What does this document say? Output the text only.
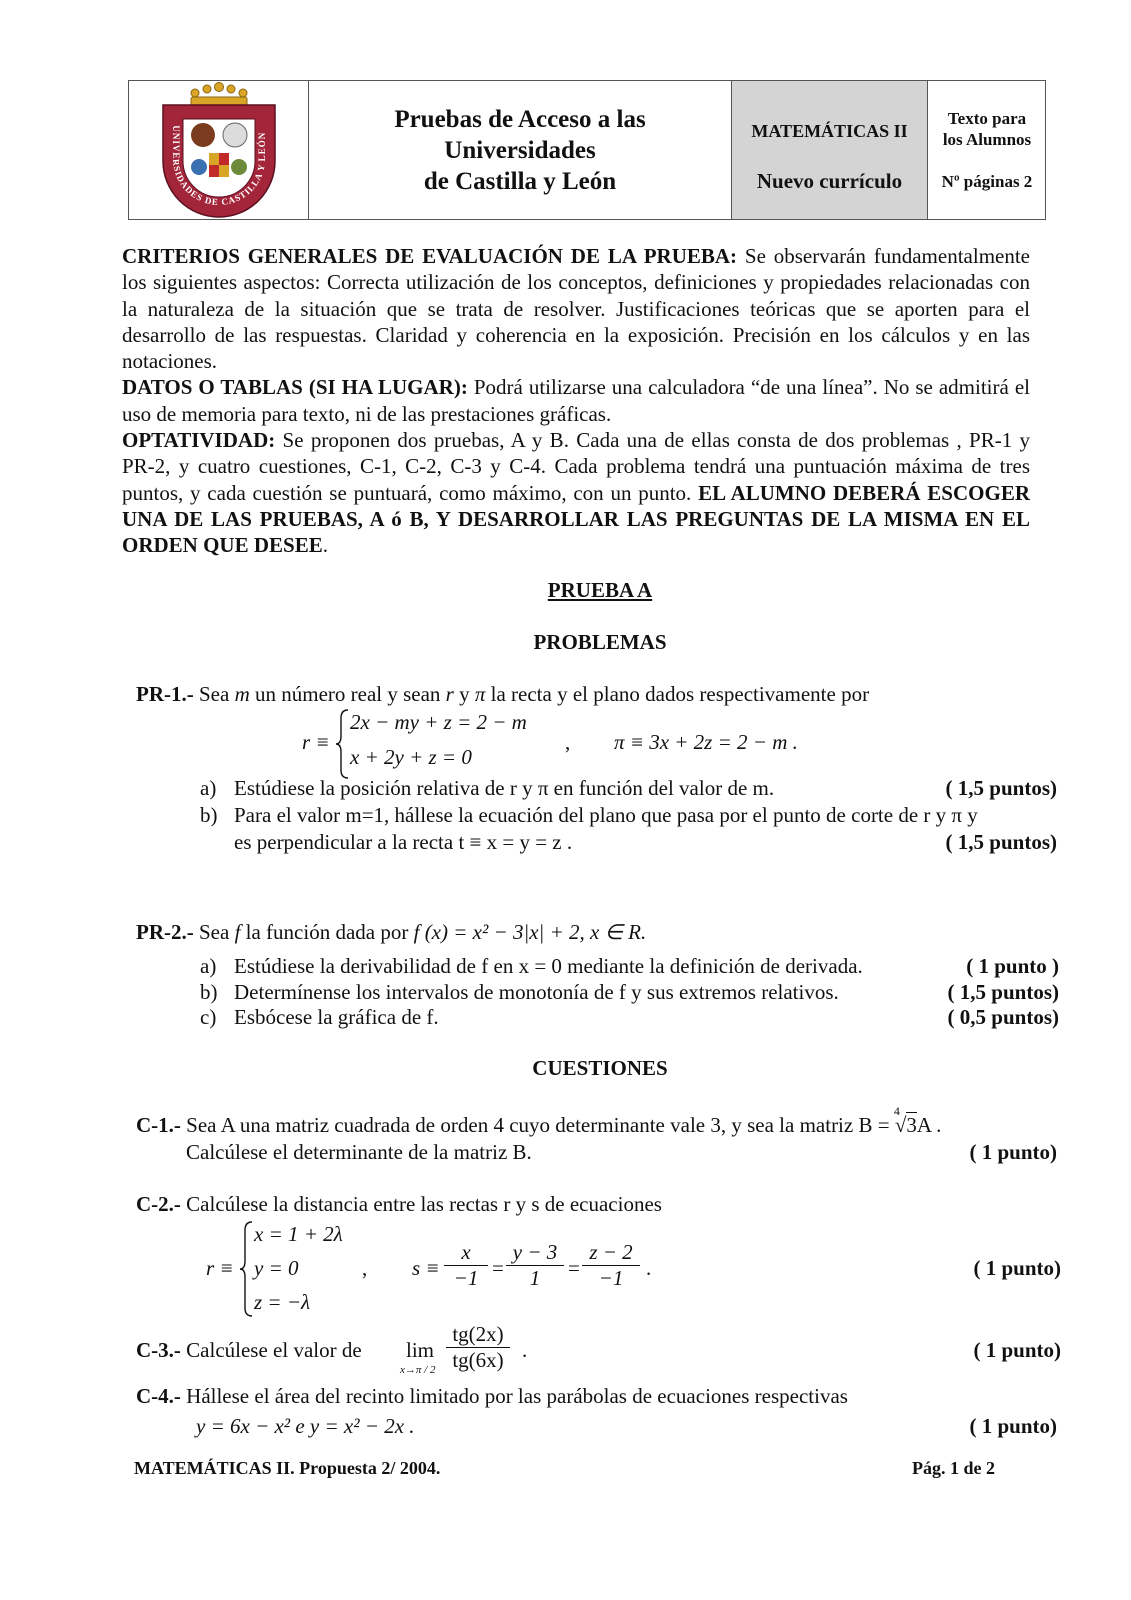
UNIVERSIDADES DE CASTILLA Y LEÓN
Pruebas de Acceso a las
Universidades
de Castilla y León
MATEMÁTICAS II
Nuevo currículo
Texto para
los Alumnos
Nº páginas 2
CRITERIOS GENERALES DE EVALUACIÓN DE LA PRUEBA: Se observarán fundamentalmente los siguientes aspectos: Correcta utilización de los conceptos, definiciones y propiedades relacionadas con la naturaleza de la situación que se trata de resolver. Justificaciones teóricas que se aporten para el desarrollo de las respuestas. Claridad y coherencia en la exposición. Precisión en los cálculos y en las notaciones.
DATOS O TABLAS (SI HA LUGAR): Podrá utilizarse una calculadora “de una línea”. No se admitirá el uso de memoria para texto, ni de las prestaciones gráficas.
OPTATIVIDAD: Se proponen dos pruebas, A y B. Cada una de ellas consta de dos problemas , PR-1 y PR-2, y cuatro cuestiones, C-1, C-2, C-3 y C-4. Cada problema tendrá una puntuación máxima de tres puntos, y cada cuestión se puntuará, como máximo, con un punto. EL ALUMNO DEBERÁ ESCOGER UNA DE LAS PRUEBAS, A ó B, Y DESARROLLAR LAS PREGUNTAS DE LA MISMA EN EL ORDEN QUE DESEE.
PRUEBA A
PROBLEMAS
PR-1.- Sea m un número real y sean r y π la recta y el plano dados respectivamente por
r ≡
2x − my + z = 2 − m
x + 2y + z = 0
, π ≡ 3x + 2z = 2 − m .
a) Estúdiese la posición relativa de r y π en función del valor de m.	( 1,5 puntos)
b) Para el valor m=1, hállese la ecuación del plano que pasa por el punto de corte de r y π y
es perpendicular a la recta t ≡ x = y = z .	( 1,5 puntos)
PR-2.- Sea f la función dada por f (x) = x² − 3|x| + 2, x ∈ R.
a) Estúdiese la derivabilidad de f en x = 0 mediante la definición de derivada.	( 1 punto )
b) Determínense los intervalos de monotonía de f y sus extremos relativos.	( 1,5 puntos)
c) Esbócese la gráfica de f.	( 0,5 puntos)
CUESTIONES
C-1.- Sea A una matriz cuadrada de orden 4 cuyo determinante vale 3, y sea la matriz B =
4
√3A .
Calcúlese el determinante de la matriz B.	( 1 punto)
C-2.- Calcúlese la distancia entre las rectas r y s de ecuaciones
r ≡
x = 1 + 2λ
y = 0
z = −λ
, $s \equiv \frac{x}{-1} = \frac{y - 3}{1} = \frac{z - 2}{-1}$ .	( 1 punto)
C-3.- Calcúlese el valor de lim
$x\to\pi / 2 \frac{tg(2x)}{tg(6x)}$ .	( 1 punto)
C-4.- Hállese el área del recinto limitado por las parábolas de ecuaciones respectivas
y = 6x − x² e y = x² − 2x .	( 1 punto)
MATEMÁTICAS II. Propuesta 2/ 2004.	Pág. 1 de 2
